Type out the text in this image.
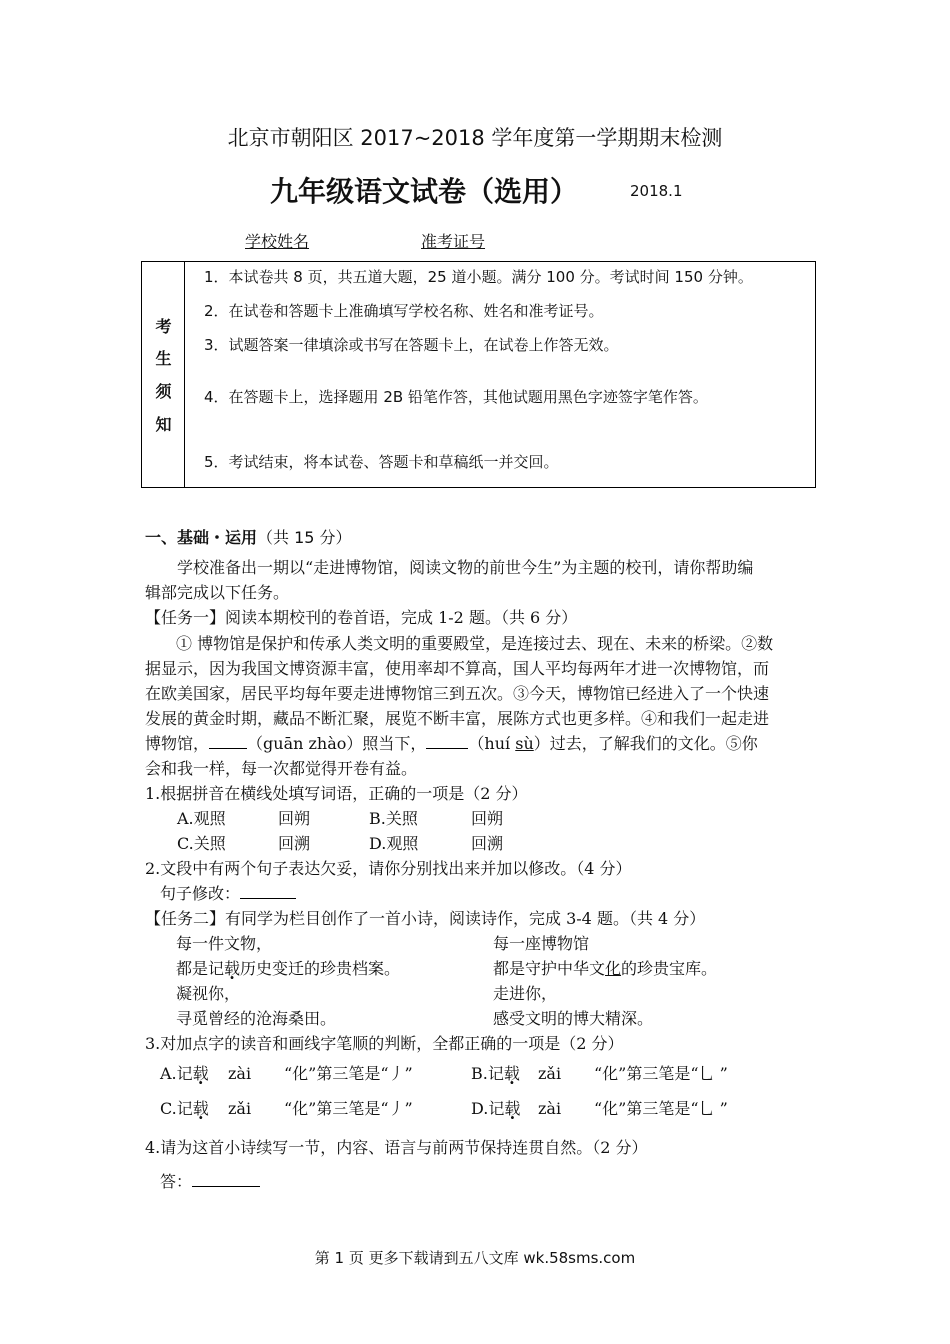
北京市朝阳区 2017~2018 学年度第一学期期末检测
九年级语文试卷（选用）	2018.1
学校姓名	准考证号
考
生
须
知
1．本试卷共 8 页，共五道大题，25 道小题。满分 100 分。考试时间 150 分钟。
2．在试卷和答题卡上准确填写学校名称、姓名和准考证号。
3．试题答案一律填涂或书写在答题卡上，在试卷上作答无效。
4．在答题卡上，选择题用 2B 铅笔作答，其他试题用黑色字迹签字笔作答。
5．考试结束，将本试卷、答题卡和草稿纸一并交回。
一、基础・运用（共 15 分）
学校准备出一期以“走进博物馆，阅读文物的前世今生”为主题的校刊，请你帮助编
辑部完成以下任务。
【任务一】阅读本期校刊的卷首语，完成 1-2 题。（共 6 分）
① 博物馆是保护和传承人类文明的重要殿堂，是连接过去、现在、未来的桥梁。②数
据显示，因为我国文博资源丰富，使用率却不算高，国人平均每两年才进一次博物馆，而
在欧美国家，居民平均每年要走进博物馆三到五次。③今天，博物馆已经进入了一个快速
发展的黄金时期，藏品不断汇聚，展览不断丰富，展陈方式也更多样。④和我们一起走进
博物馆， （guān zhào）照当下，	（huí sù）过去，了解我们的文化。⑤你
会和我一样，每一次都觉得开卷有益。
1.根据拼音在横线处填写词语，正确的一项是（2 分）
A.观照	回朔	B.关照	回朔
C.关照	回溯	D.观照	回溯
2.文段中有两个句子表达欠妥，请你分别找出来并加以修改。（4 分）
句子修改：
【任务二】有同学为栏目创作了一首小诗，阅读诗作，完成 3-4 题。（共 4 分）
每一件文物，
都是记载历史变迁的珍贵档案。
凝视你，
寻觅曾经的沧海桑田。
每一座博物馆
都是守护中华文化的珍贵宝库。
走进你，
感受文明的博大精深。
3.对加点字的读音和画线字笔顺的判断，全都正确的一项是（2 分）
A.记载 zài “化”第三笔是“丿”	B.记载 zǎi “化”第三笔是“乚 ”
C.记载 zǎi “化”第三笔是“丿”	D.记载 zài “化”第三笔是“乚 ”
4.请为这首小诗续写一节，内容、语言与前两节保持连贯自然。（2 分）
答：
第 1 页 更多下载请到五八文库 wk.58sms.com
